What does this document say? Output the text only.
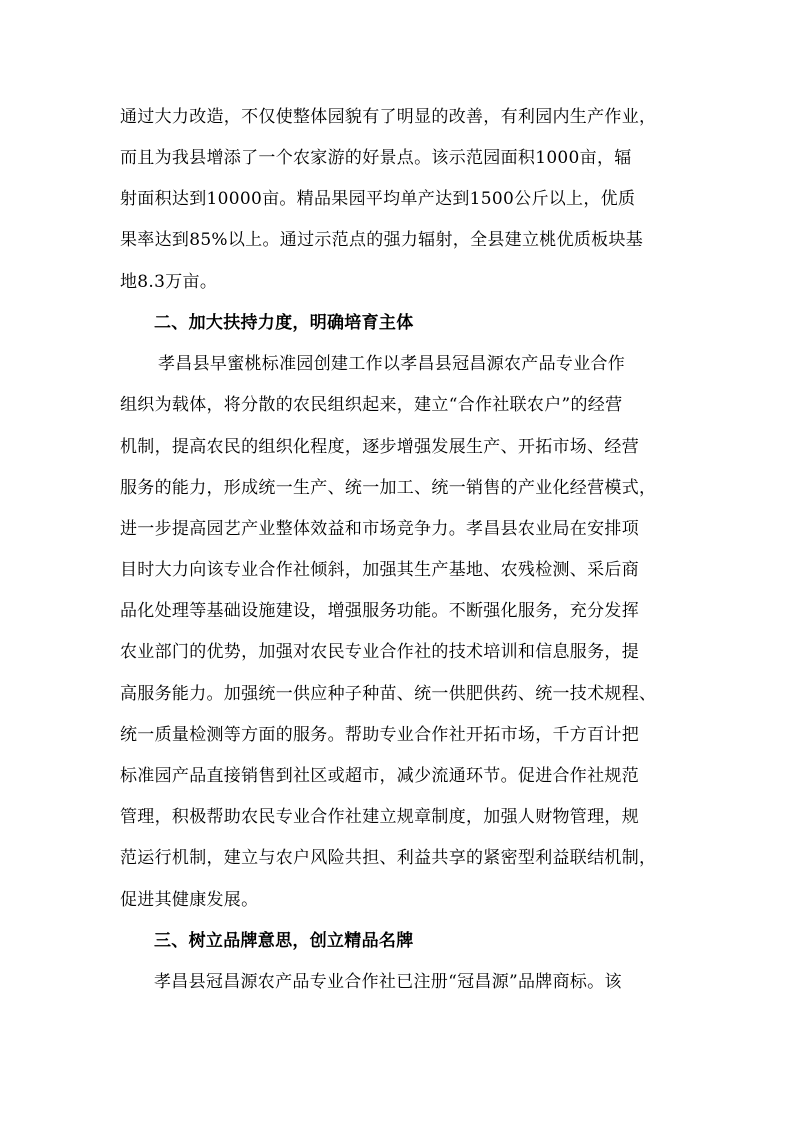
通过大力改造，不仅使整体园貌有了明显的改善，有利园内生产作业，
而且为我县增添了一个农家游的好景点。该示范园面积1000亩，辐
射面积达到10000亩。精品果园平均单产达到1500公斤以上，优质
果率达到85%以上。通过示范点的强力辐射，全县建立桃优质板块基
地8.3万亩。
二、加大扶持力度，明确培育主体
孝昌县早蜜桃标准园创建工作以孝昌县冠昌源农产品专业合作
组织为载体，将分散的农民组织起来，建立“合作社联农户”的经营
机制，提高农民的组织化程度，逐步增强发展生产、开拓市场、经营
服务的能力，形成统一生产、统一加工、统一销售的产业化经营模式，
进一步提高园艺产业整体效益和市场竞争力。孝昌县农业局在安排项
目时大力向该专业合作社倾斜，加强其生产基地、农残检测、采后商
品化处理等基础设施建设，增强服务功能。不断强化服务，充分发挥
农业部门的优势，加强对农民专业合作社的技术培训和信息服务，提
高服务能力。加强统一供应种子种苗、统一供肥供药、统一技术规程、
统一质量检测等方面的服务。帮助专业合作社开拓市场，千方百计把
标准园产品直接销售到社区或超市，减少流通环节。促进合作社规范
管理，积极帮助农民专业合作社建立规章制度，加强人财物管理，规
范运行机制，建立与农户风险共担、利益共享的紧密型利益联结机制，
促进其健康发展。
三、树立品牌意思，创立精品名牌
孝昌县冠昌源农产品专业合作社已注册“冠昌源”品牌商标。该
